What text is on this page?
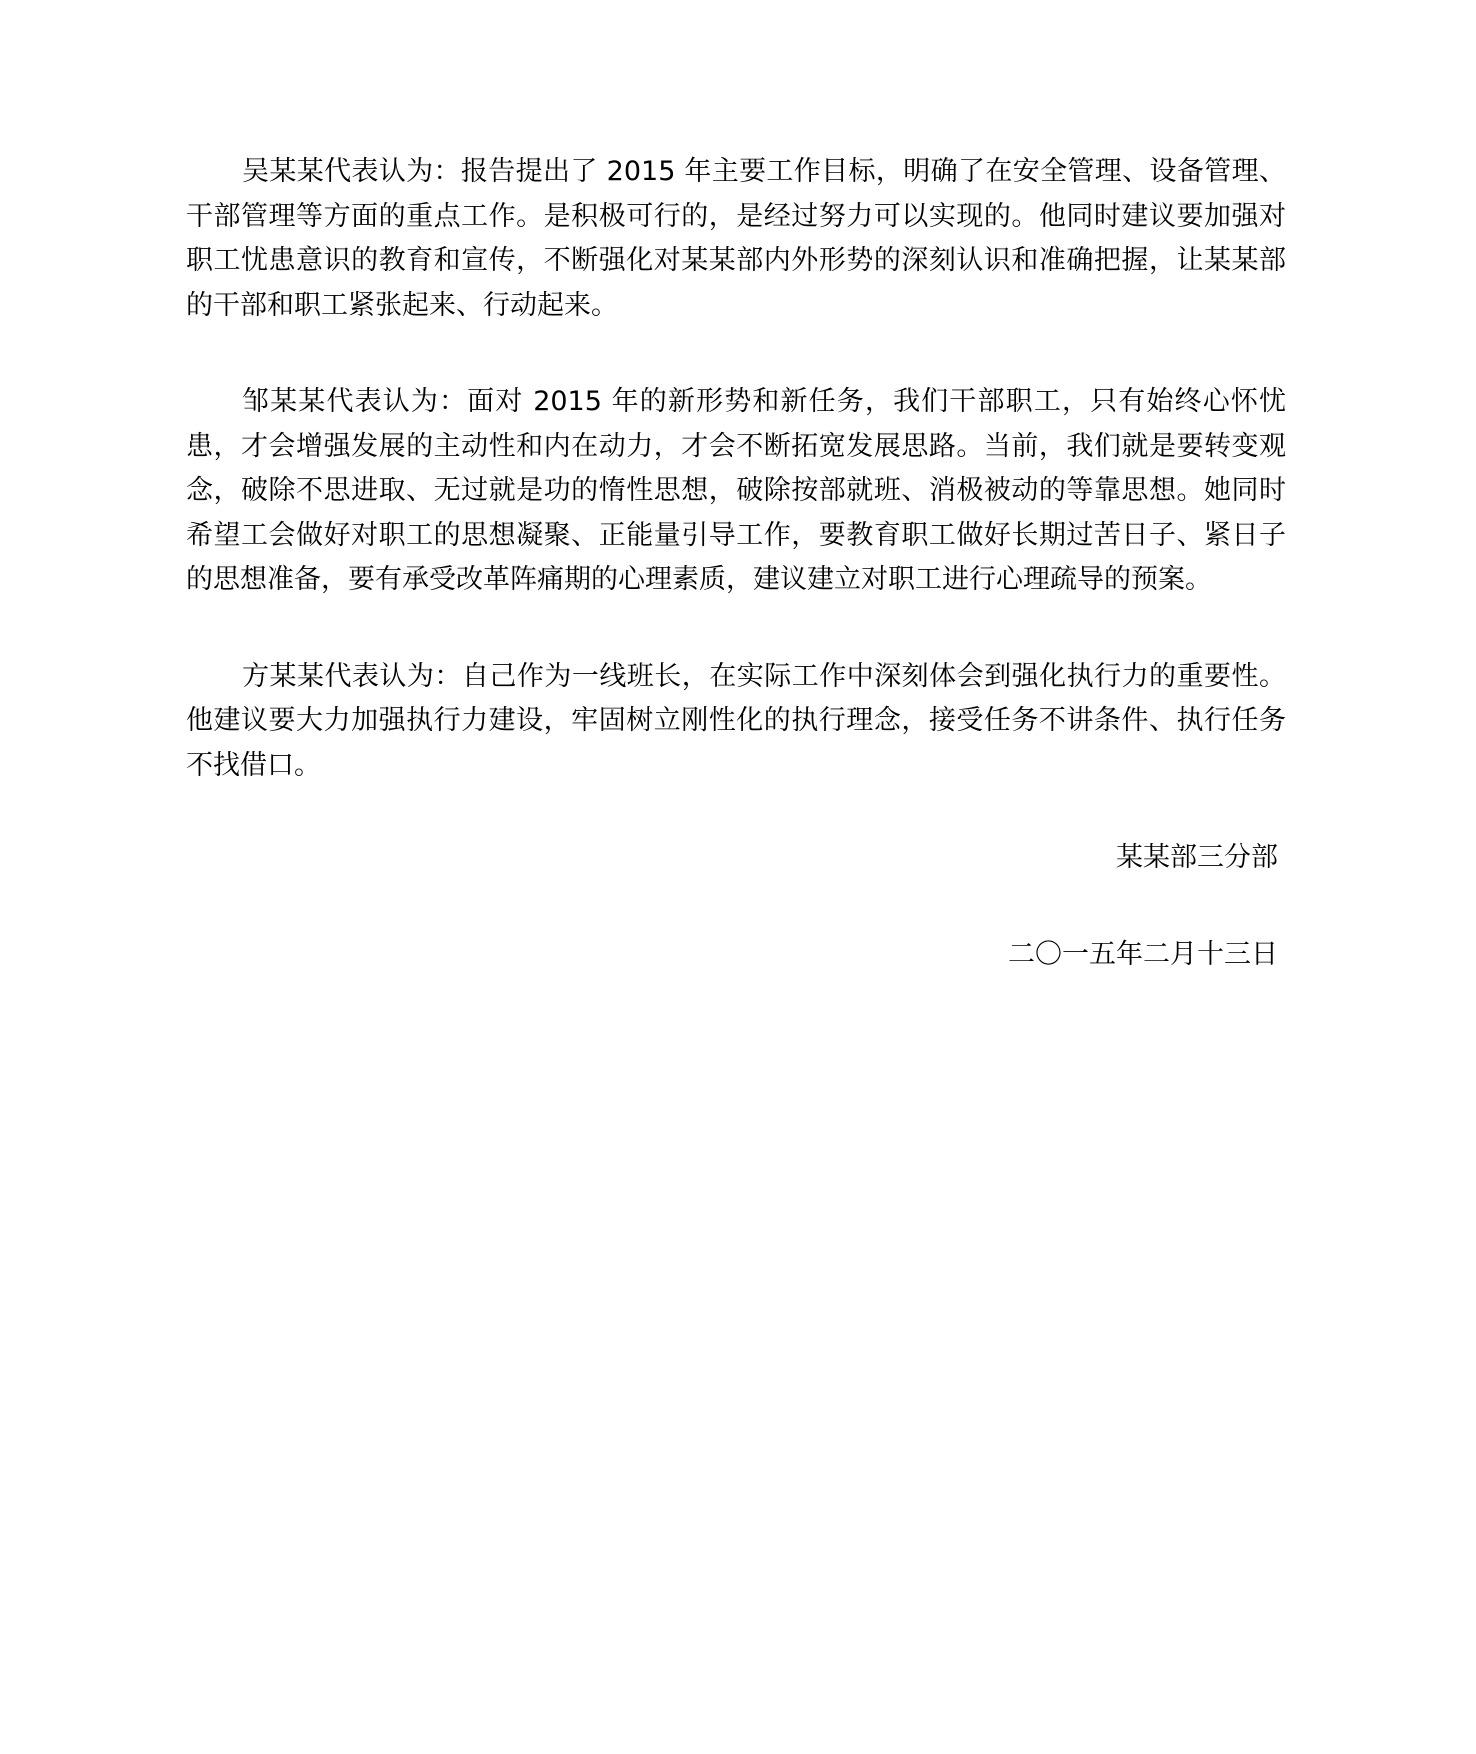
吴某某代表认为：报告提出了 2015 年主要工作目标，明确了在安全管理、设备管理、干部管理等方面的重点工作。是积极可行的，是经过努力可以实现的。他同时建议要加强对职工忧患意识的教育和宣传，不断强化对某某部内外形势的深刻认识和准确把握，让某某部的干部和职工紧张起来、行动起来。

邹某某代表认为：面对 2015 年的新形势和新任务，我们干部职工，只有始终心怀忧患，才会增强发展的主动性和内在动力，才会不断拓宽发展思路。当前，我们就是要转变观念，破除不思进取、无过就是功的惰性思想，破除按部就班、消极被动的等靠思想。她同时希望工会做好对职工的思想凝聚、正能量引导工作，要教育职工做好长期过苦日子、紧日子的思想准备，要有承受改革阵痛期的心理素质，建议建立对职工进行心理疏导的预案。

方某某代表认为：自己作为一线班长，在实际工作中深刻体会到强化执行力的重要性。他建议要大力加强执行力建设，牢固树立刚性化的执行理念，接受任务不讲条件、执行任务不找借口。

某某部三分部

二〇一五年二月十三日
